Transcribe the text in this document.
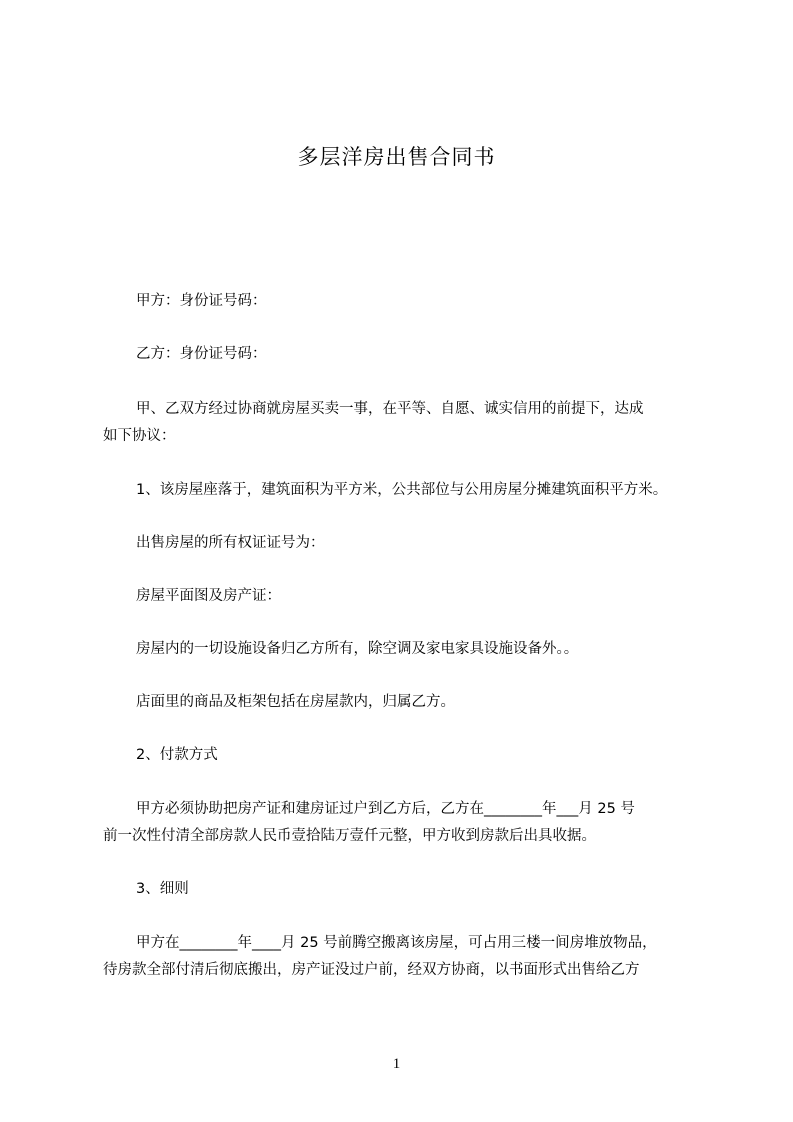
多层洋房出售合同书
甲方：身份证号码：
乙方：身份证号码：
甲、乙双方经过协商就房屋买卖一事，在平等、自愿、诚实信用的前提下，达成
如下协议：
1、该房屋座落于，建筑面积为平方米，公共部位与公用房屋分摊建筑面积平方米。
出售房屋的所有权证证号为：
房屋平面图及房产证：
房屋内的一切设施设备归乙方所有，除空调及家电家具设施设备外。。
店面里的商品及柜架包括在房屋款内，归属乙方。
2、付款方式
甲方必须协助把房产证和建房证过户到乙方后，乙方在________年___月 25 号
前一次性付清全部房款人民币壹拾陆万壹仟元整，甲方收到房款后出具收据。
3、细则
甲方在________年____月 25 号前腾空搬离该房屋，可占用三楼一间房堆放物品，
待房款全部付清后彻底搬出，房产证没过户前，经双方协商，以书面形式出售给乙方
1
